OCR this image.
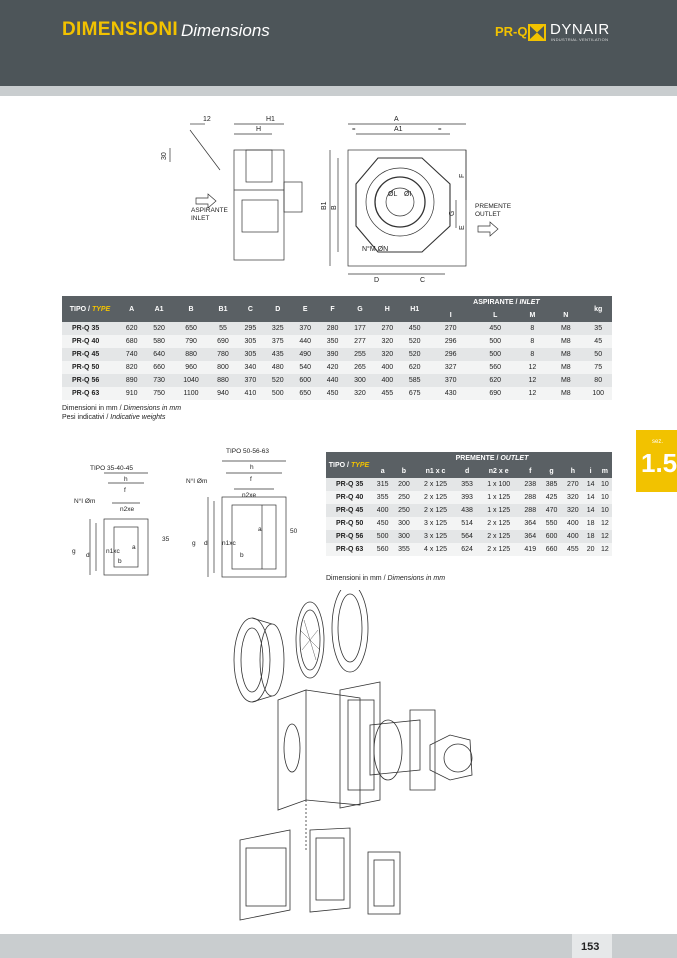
DIMENSIONI Dimensions	PR-Q DYNAIR
INDUSTRIAL VENTILATION
12	H1
H
A
A1
=	=
30
B1 B
F
G
E
D	C
ØL ØI
ASPIRANTE
INLET
PREMENTE
OUTLET
N°M ØN
TIPO / TYPE	A	A1	B	B1	C	D	E	F	G	H	H1	ASPIRANTE / INLET				kg
												I	L	M	N	
PR-Q 35	620	520	650	55	295	325	370	280	177	270	450	270	450	8	M8	35
PR-Q 40	680	580	790	690	305	375	440	350	277	320	520	296	500	8	M8	45
PR-Q 45	740	640	880	780	305	435	490	390	255	320	520	296	500	8	M8	50
PR-Q 50	820	660	960	800	340	480	540	420	265	400	620	327	560	12	M8	75
PR-Q 56	890	730	1040	880	370	520	600	440	300	400	585	370	620	12	M8	80
PR-Q 63	910	750	1100	940	410	500	650	450	320	455	675	430	690	12	M8	100
Dimensioni in mm / Dimensions in mm
Pesi indicativi / Indicative weights
TIPO 35-40-45
h
f
N°I Øm
n2xe
35
g
d
n1xc
a
b
TIPO 50-56-63
h
f
N°I Øm
n2xe
50
g d n1xc
a
b
TIPO / TYPE	PREMENTE / OUTLET									
	a	b	n1 x c	d	n2 x e	f	g	h	i	m
PR-Q 35	315	200	2 x 125	353	1 x 100	238	385	270	14	10
PR-Q 40	355	250	2 x 125	393	1 x 125	288	425	320	14	10
PR-Q 45	400	250	2 x 125	438	1 x 125	288	470	320	14	10
PR-Q 50	450	300	3 x 125	514	2 x 125	364	550	400	18	12
PR-Q 56	500	300	3 x 125	564	2 x 125	364	600	400	18	12
PR-Q 63	560	355	4 x 125	624	2 x 125	419	660	455	20	12
Dimensioni in mm / Dimensions in mm
sez.
1.5
153
